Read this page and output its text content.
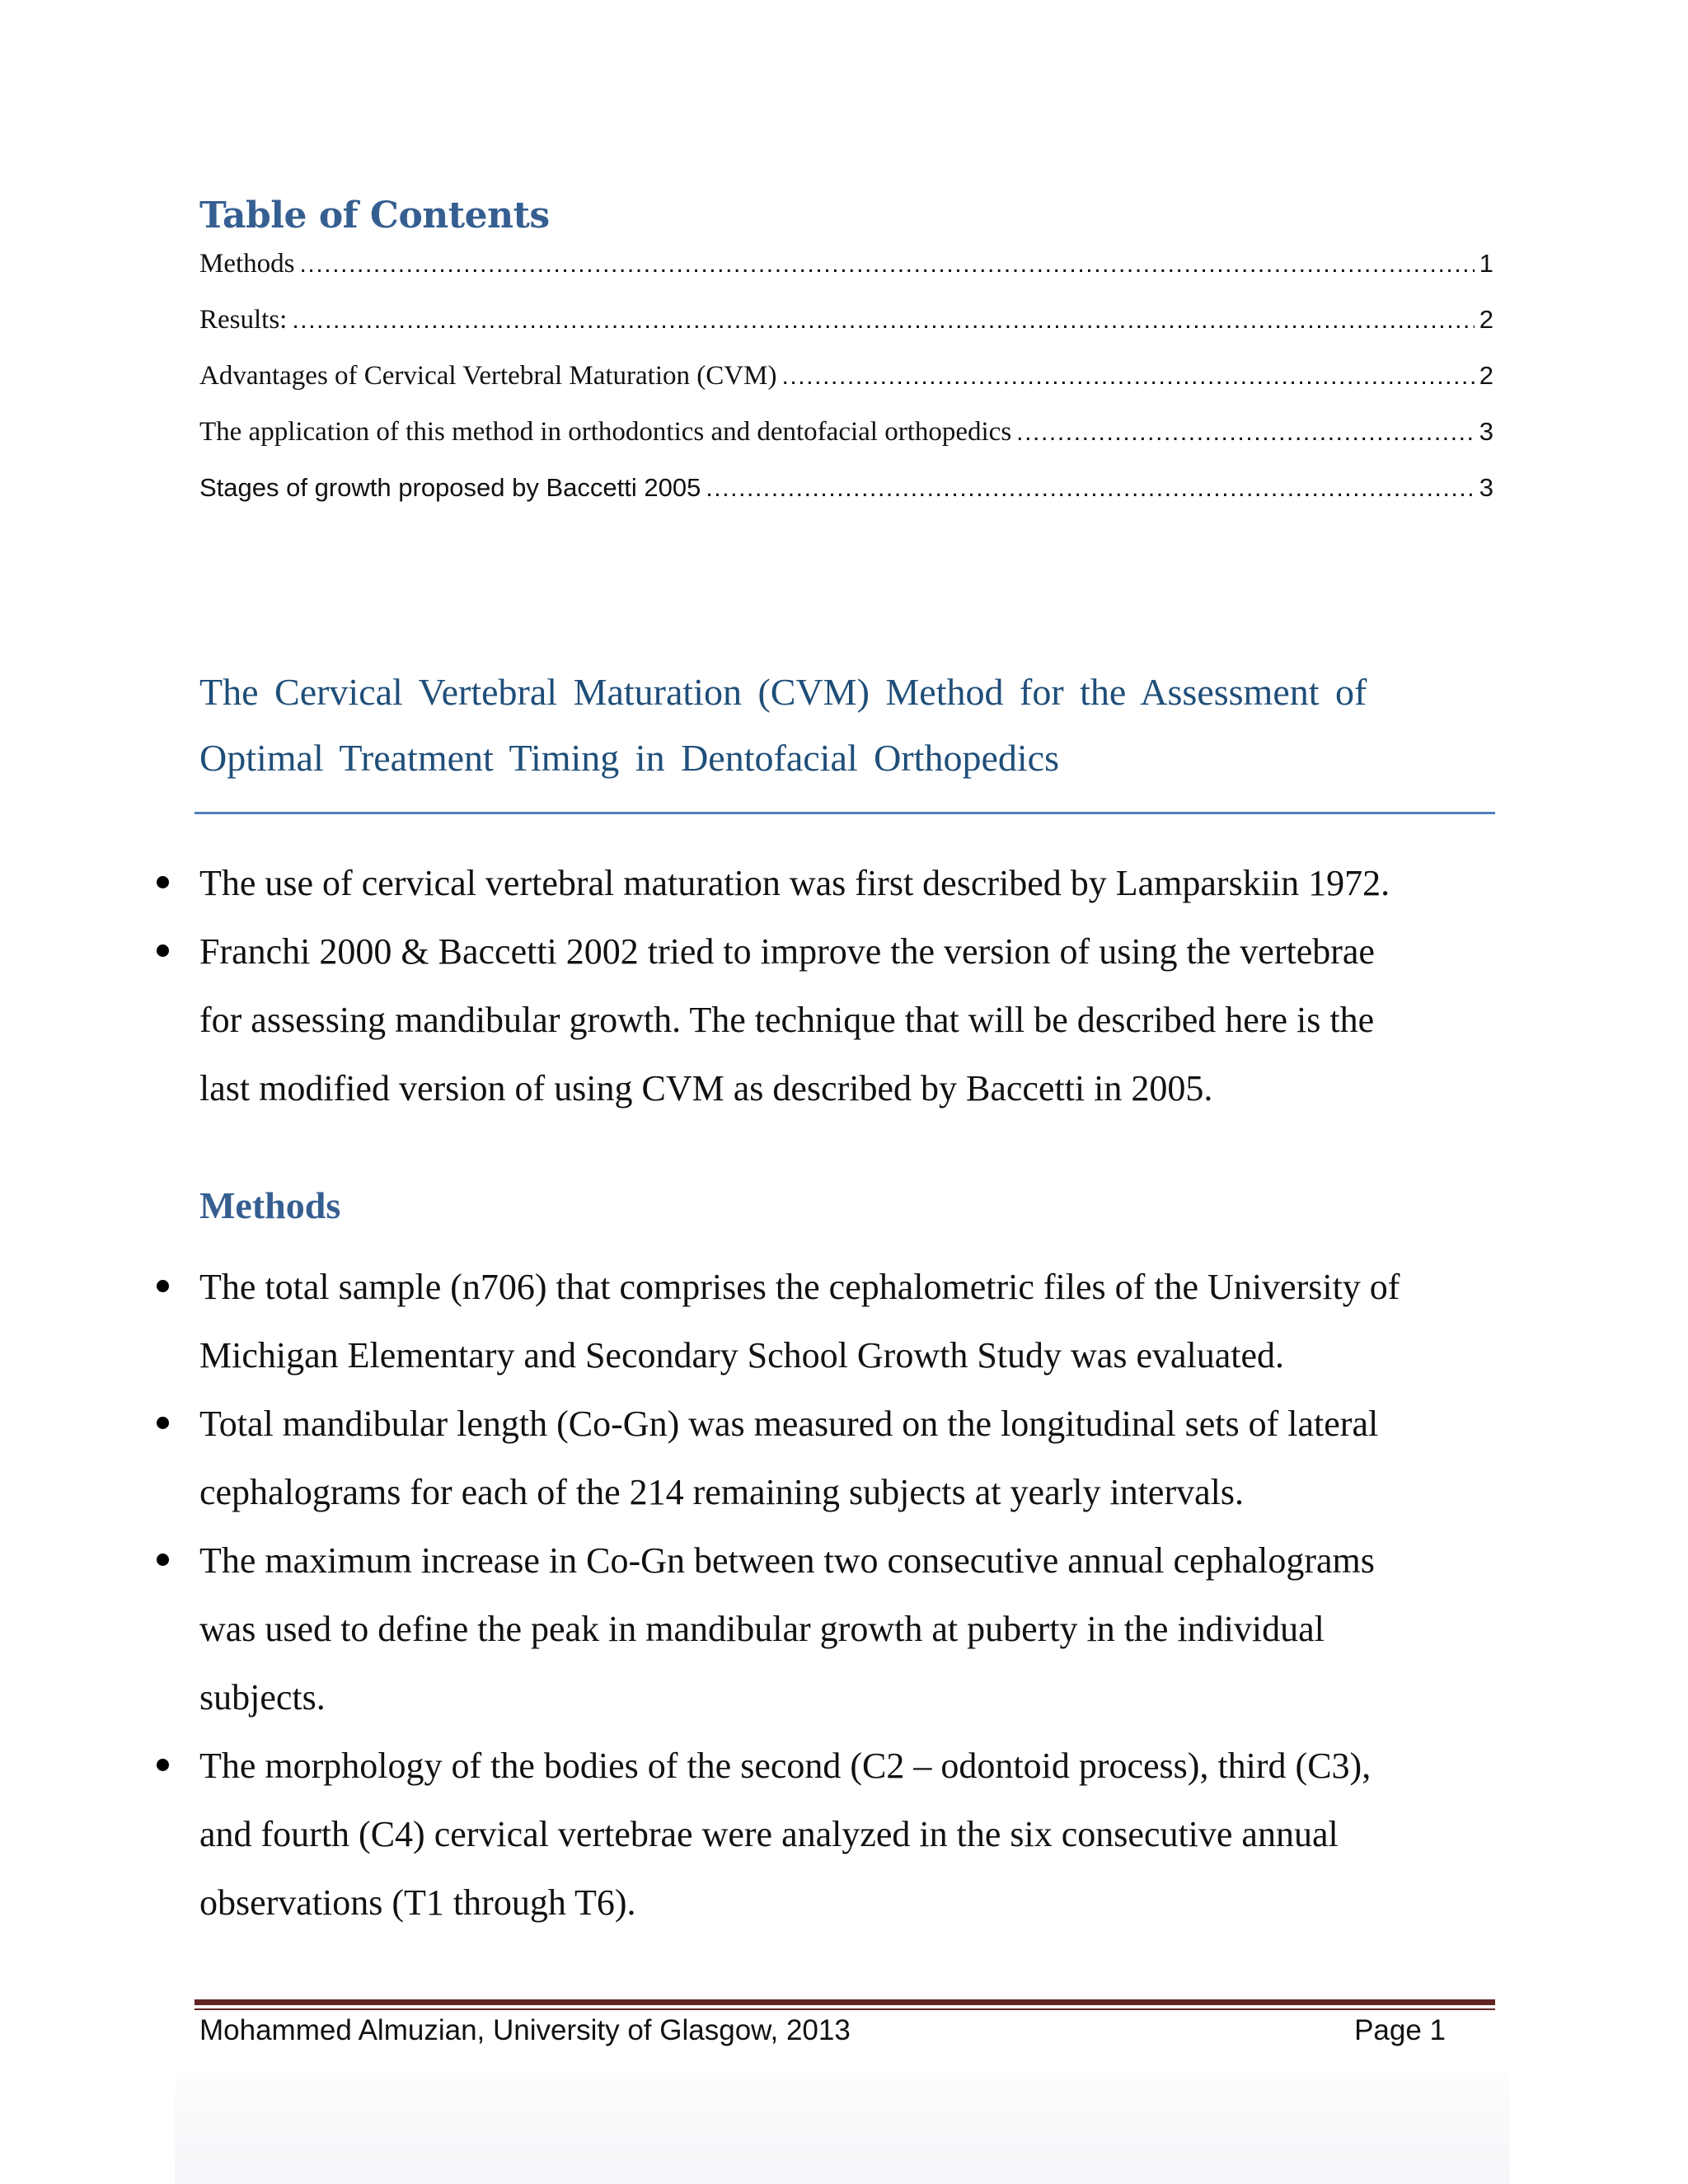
Table of Contents
Methods .....	1
Results: .....	2
Advantages of Cervical Vertebral Maturation (CVM) .....	2
The application of this method in orthodontics and dentofacial orthopedics .....	3
Stages of growth proposed by Baccetti 2005 .....	3
The Cervical Vertebral Maturation (CVM) Method for the Assessment of
Optimal Treatment Timing in Dentofacial Orthopedics
The use of cervical vertebral maturation was first described by Lamparskiin 1972.
Franchi 2000 & Baccetti 2002 tried to improve the version of using the vertebrae
for assessing mandibular growth. The technique that will be described here is the
last modified version of using CVM as described by Baccetti in 2005.
Methods
The total sample (n706) that comprises the cephalometric files of the University of
Michigan Elementary and Secondary School Growth Study was evaluated.
Total mandibular length (Co-Gn) was measured on the longitudinal sets of lateral
cephalograms for each of the 214 remaining subjects at yearly intervals.
The maximum increase in Co-Gn between two consecutive annual cephalograms
was used to define the peak in mandibular growth at puberty in the individual
subjects.
The morphology of the bodies of the second (C2 – odontoid process), third (C3),
and fourth (C4) cervical vertebrae were analyzed in the six consecutive annual
observations (T1 through T6).
Mohammed Almuzian, University of Glasgow, 2013	Page 1
